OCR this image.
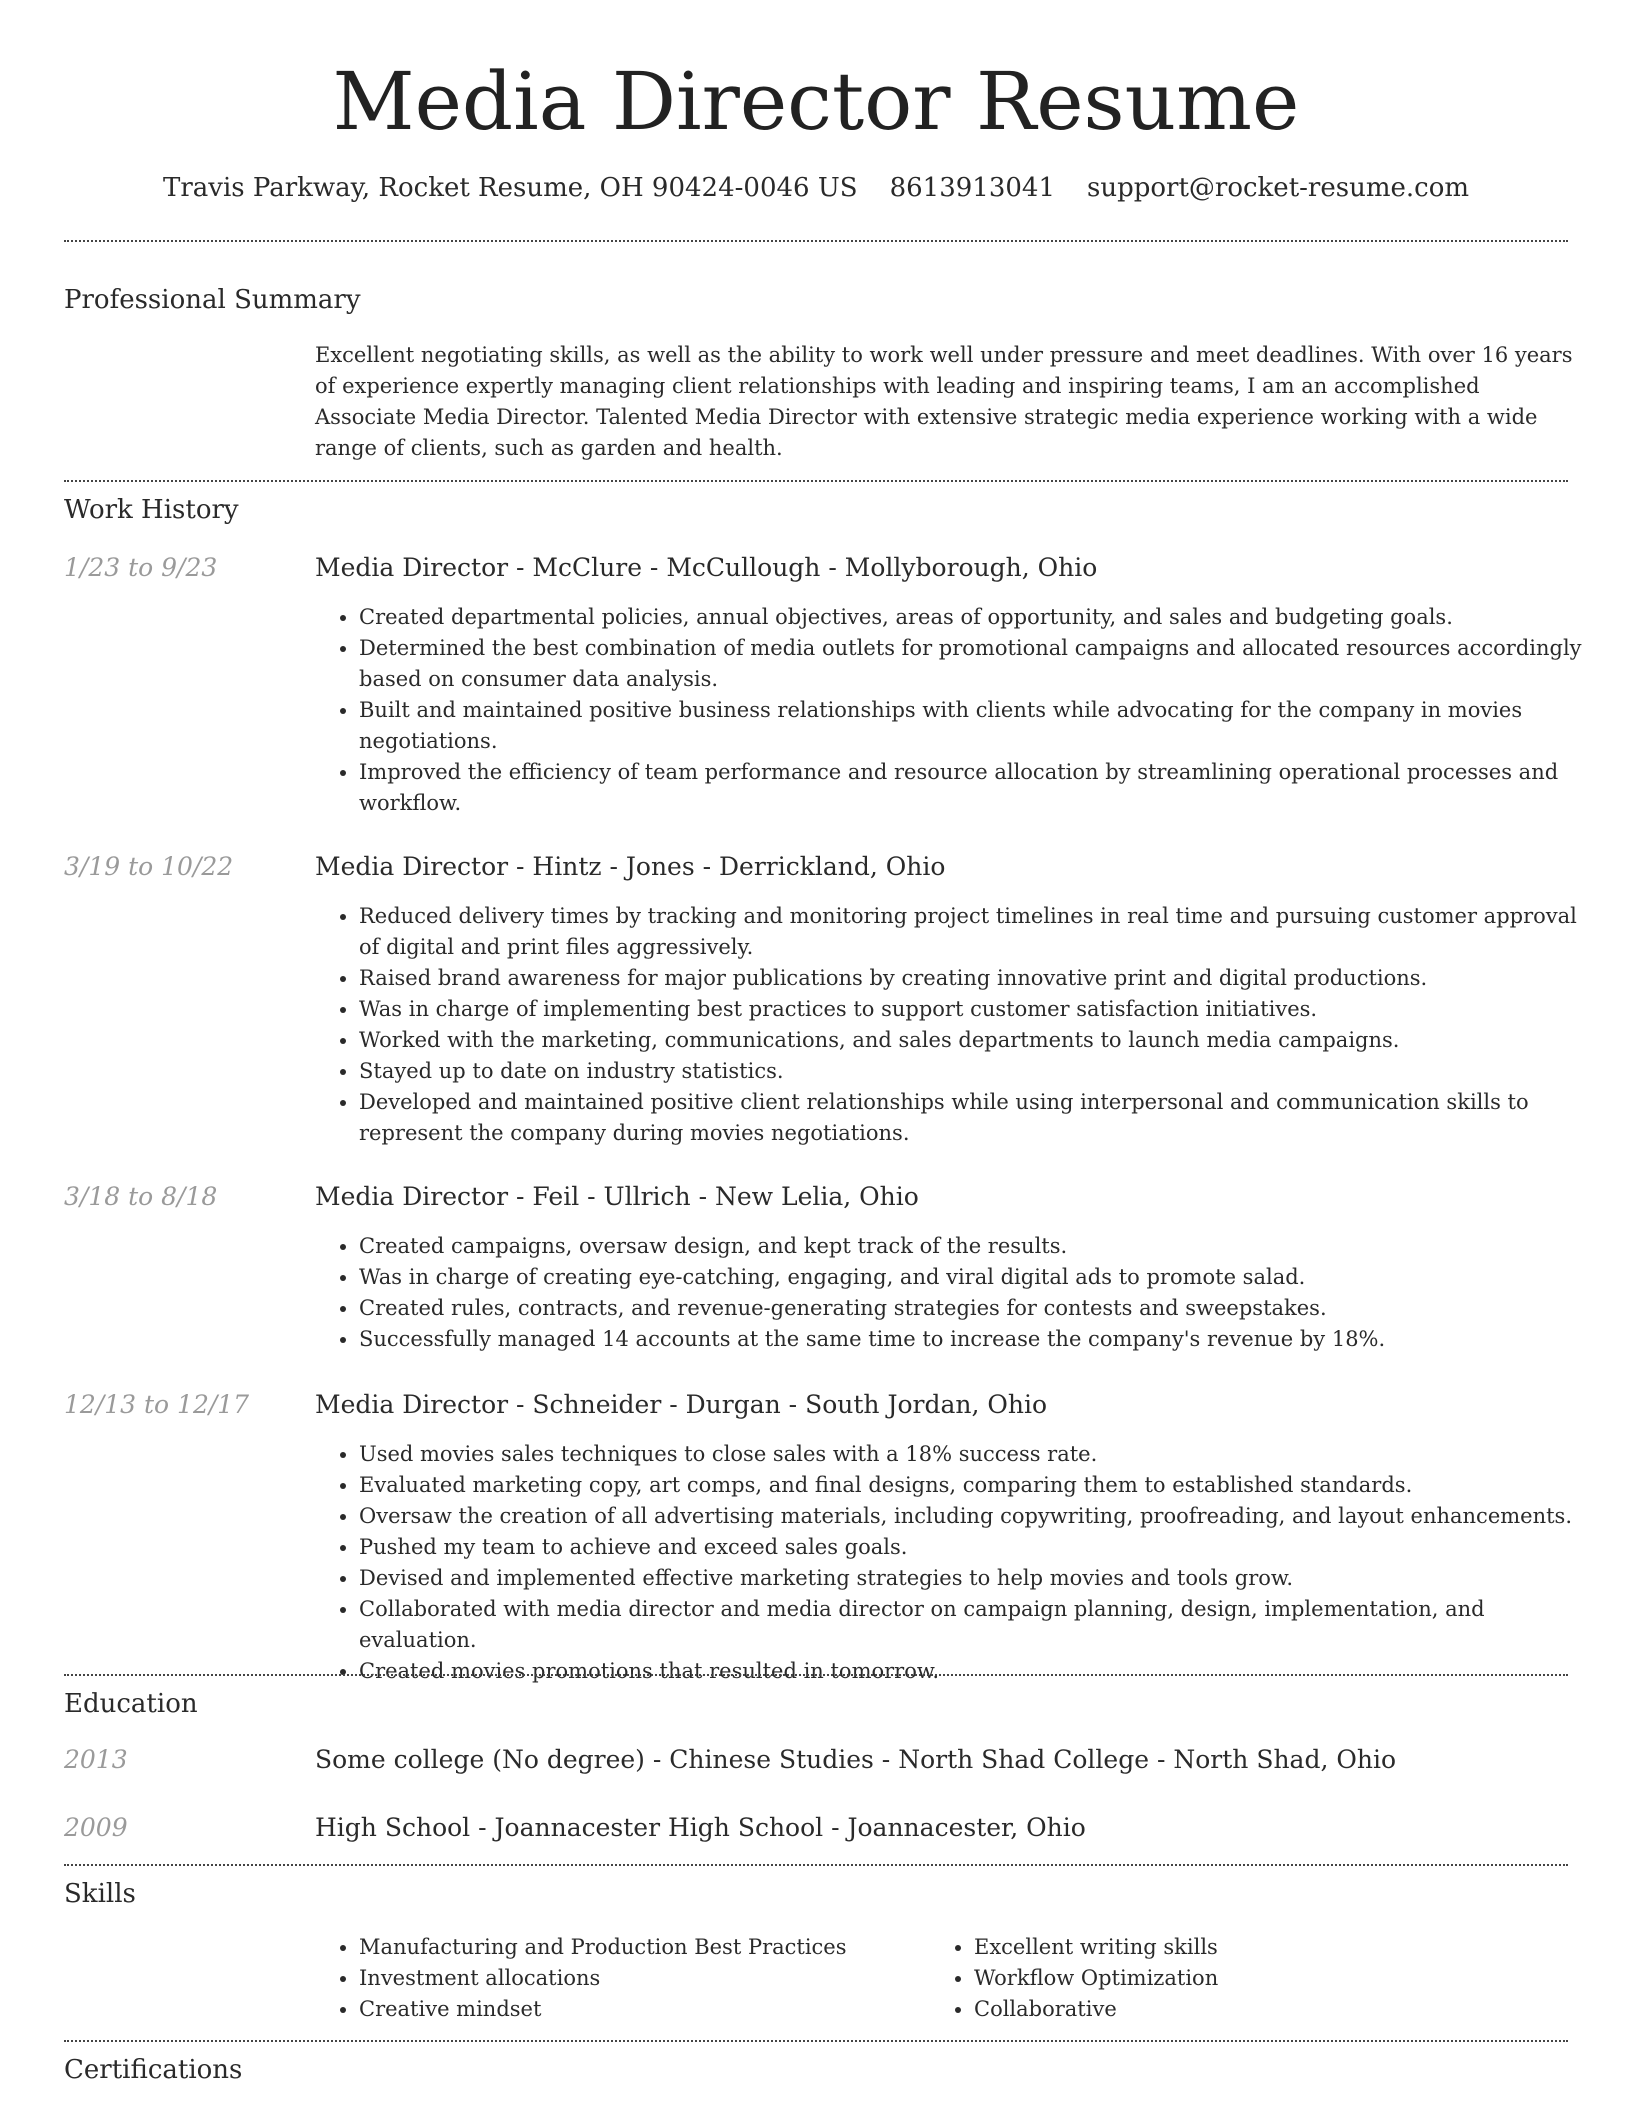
Media Director Resume
Travis Parkway, Rocket Resume, OH 90424-0046 US 8613913041 support@rocket-resume.com
Professional Summary

Excellent negotiating skills, as well as the ability to work well under pressure and meet deadlines. With over 16 years of experience expertly managing client relationships with leading and inspiring teams, I am an accomplished Associate Media Director. Talented Media Director with extensive strategic media experience working with a wide range of clients, such as garden and health.

Work History
1/23 to 9/23	Media Director - McClure - McCullough - Mollyborough, Ohio
• Created departmental policies, annual objectives, areas of opportunity, and sales and budgeting goals.
• Determined the best combination of media outlets for promotional campaigns and allocated resources accordingly based on consumer data analysis.
• Built and maintained positive business relationships with clients while advocating for the company in movies negotiations.
• Improved the efficiency of team performance and resource allocation by streamlining operational processes and workflow.
3/19 to 10/22	Media Director - Hintz - Jones - Derrickland, Ohio
• Reduced delivery times by tracking and monitoring project timelines in real time and pursuing customer approval of digital and print files aggressively.
• Raised brand awareness for major publications by creating innovative print and digital productions.
• Was in charge of implementing best practices to support customer satisfaction initiatives.
• Worked with the marketing, communications, and sales departments to launch media campaigns.
• Stayed up to date on industry statistics.
• Developed and maintained positive client relationships while using interpersonal and communication skills to represent the company during movies negotiations.
3/18 to 8/18	Media Director - Feil - Ullrich - New Lelia, Ohio
• Created campaigns, oversaw design, and kept track of the results.
• Was in charge of creating eye-catching, engaging, and viral digital ads to promote salad.
• Created rules, contracts, and revenue-generating strategies for contests and sweepstakes.
• Successfully managed 14 accounts at the same time to increase the company's revenue by 18%.
12/13 to 12/17	Media Director - Schneider - Durgan - South Jordan, Ohio
• Used movies sales techniques to close sales with a 18% success rate.
• Evaluated marketing copy, art comps, and final designs, comparing them to established standards.
• Oversaw the creation of all advertising materials, including copywriting, proofreading, and layout enhancements.
• Pushed my team to achieve and exceed sales goals.
• Devised and implemented effective marketing strategies to help movies and tools grow.
• Collaborated with media director and media director on campaign planning, design, implementation, and evaluation.
• Created movies promotions that resulted in tomorrow.
Education
2013	Some college (No degree) - Chinese Studies - North Shad College - North Shad, Ohio
2009	High School - Joannacester High School - Joannacester, Ohio
Skills
• Manufacturing and Production Best Practices
• Investment allocations
• Creative mindset
• Excellent writing skills
• Workflow Optimization
• Collaborative
Certifications
